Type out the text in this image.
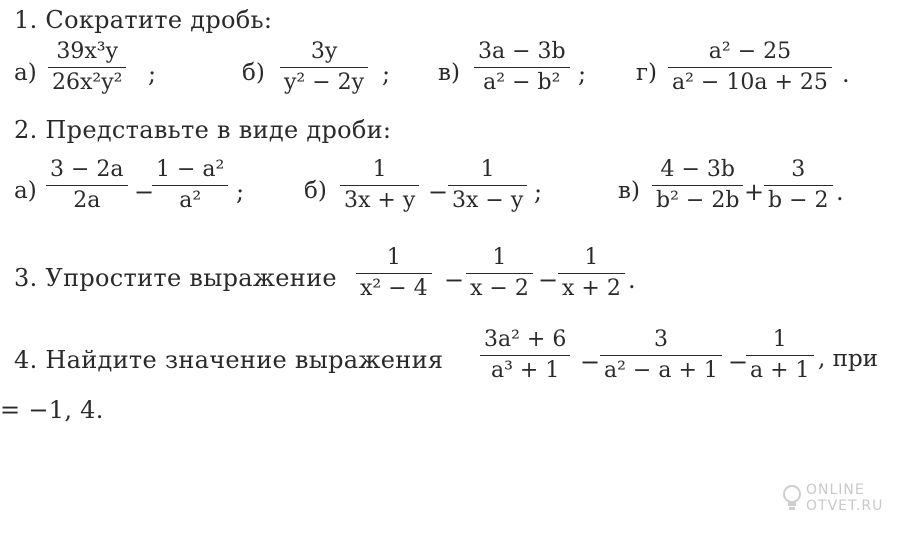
1. Сократите дробь:
а)
39x³y
26x²y² ;	б)
3y
y² − 2y ; в)
3a − 3b
a² − b² ; г)
a² − 25
a² − 10a + 25 .
2. Представьте в виде дроби:
а)
3 − 2a
2a −
1 − a²
a² ;	б)
1
3x + y −
1
3x − y ;	в)
4 − 3b
b² − 2b +
3
b − 2 .
3. Упростите выражение
1
x² − 4 −
1
x − 2 −
1
x + 2 .
4. Найдите значение выражения
3a² + 6
a³ + 1 −
3
a² − a + 1 −
1
a + 1 , при
= −1, 4.
ONLINE
OTVET.RU
